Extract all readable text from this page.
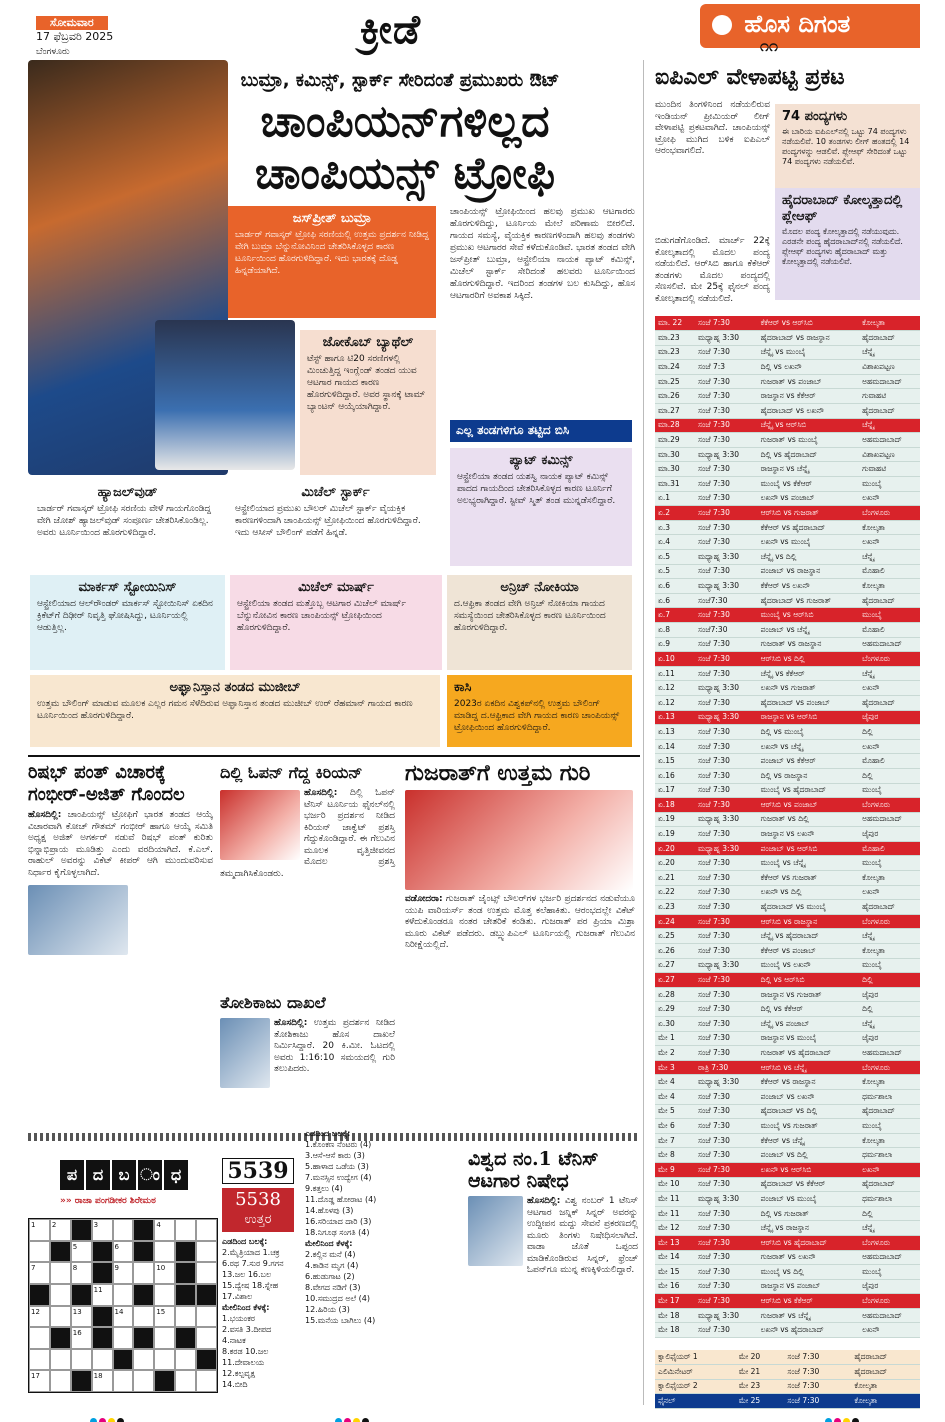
ಸೋಮವಾರ
17 ಫೆಬ್ರವರಿ 2025
ಬೆಂಗಳೂರು	ಕ್ರೀಡೆ	ಹೊಸ ದಿಗಂತ
೧೧
ಬುಮ್ರಾ, ಕಮಿನ್ಸ್, ಸ್ಟಾರ್ಕ್ ಸೇರಿದಂತೆ ಪ್ರಮುಖರು ಔಟ್
ಚಾಂಪಿಯನ್‌ಗಳಿಲ್ಲದ
ಚಾಂಪಿಯನ್ಸ್ ಟ್ರೋಫಿ
ಜಸ್‌ಪ್ರೀತ್ ಬುಮ್ರಾ

ಬಾರ್ಡರ್ ಗವಾಸ್ಕರ್ ಟ್ರೋಫಿ ಸರಣಿಯಲ್ಲಿ ಉತ್ತಮ ಪ್ರದರ್ಶನ ನೀಡಿದ್ದ ವೇಗಿ ಬುಮ್ರಾ ಬೆನ್ನುನೋವಿನಿಂದ ಚೇತರಿಸಿಕೊಳ್ಳದ ಕಾರಣ ಟೂರ್ನಿಯಿಂದ ಹೊರಗುಳಿದಿದ್ದಾರೆ. ಇದು ಭಾರತಕ್ಕೆ ದೊಡ್ಡ ಹಿನ್ನಡೆಯಾಗಿದೆ.

ಜೋಕೊಬ್ ಬ್ಯಾಥೆಲ್

ಟೆಸ್ಟ್ ಹಾಗೂ ಟಿ20 ಸರಣಿಗಳಲ್ಲಿ ಮಿಂಚುತ್ತಿದ್ದ ಇಂಗ್ಲೆಂಡ್ ತಂಡದ ಯುವ ಆಟಗಾರ ಗಾಯದ ಕಾರಣ ಹೊರಗುಳಿದಿದ್ದಾರೆ. ಅವರ ಸ್ಥಾನಕ್ಕೆ ಟಾಮ್ ಬ್ಯಾಂಟನ್ ಆಯ್ಕೆಯಾಗಿದ್ದಾರೆ.

ಚಾಂಪಿಯನ್ಸ್ ಟ್ರೋಫಿಯಿಂದ ಹಲವು ಪ್ರಮುಖ ಆಟಗಾರರು ಹೊರಗುಳಿದಿದ್ದು, ಟೂರ್ನಿಯ ಮೇಲೆ ಪರಿಣಾಮ ಬೀರಲಿದೆ. ಗಾಯದ ಸಮಸ್ಯೆ, ವೈಯಕ್ತಿಕ ಕಾರಣಗಳಿಂದಾಗಿ ಹಲವು ತಂಡಗಳು ಪ್ರಮುಖ ಆಟಗಾರರ ಸೇವೆ ಕಳೆದುಕೊಂಡಿವೆ. ಭಾರತ ತಂಡದ ವೇಗಿ ಜಸ್‌ಪ್ರೀತ್ ಬುಮ್ರಾ, ಆಸ್ಟ್ರೇಲಿಯಾ ನಾಯಕ ಪ್ಯಾಟ್ ಕಮಿನ್ಸ್, ಮಿಚೆಲ್ ಸ್ಟಾರ್ಕ್ ಸೇರಿದಂತೆ ಹಲವರು ಟೂರ್ನಿಯಿಂದ ಹೊರಗುಳಿದಿದ್ದಾರೆ. ಇದರಿಂದ ತಂಡಗಳ ಬಲ ಕುಸಿದಿದ್ದು, ಹೊಸ ಆಟಗಾರರಿಗೆ ಅವಕಾಶ ಸಿಕ್ಕಿದೆ.
ಎಲ್ಲ ತಂಡಗಳಿಗೂ ತಟ್ಟಿದ ಬಿಸಿ
ಪ್ಯಾಟ್ ಕಮಿನ್ಸ್

ಆಸ್ಟ್ರೇಲಿಯಾ ತಂಡದ ಯಶಸ್ವಿ ನಾಯಕ ಪ್ಯಾಟ್ ಕಮಿನ್ಸ್ ಪಾದದ ಗಾಯದಿಂದ ಚೇತರಿಸಿಕೊಳ್ಳದ ಕಾರಣ ಟೂರ್ನಿಗೆ ಅಲಭ್ಯರಾಗಿದ್ದಾರೆ. ಸ್ಟೀವ್ ಸ್ಮಿತ್ ತಂಡ ಮುನ್ನಡೆಸಲಿದ್ದಾರೆ.

ಹ್ಯಾಜಲ್‌ವುಡ್

ಬಾರ್ಡರ್ ಗವಾಸ್ಕರ್ ಟ್ರೋಫಿ ಸರಣಿಯ ವೇಳೆ ಗಾಯಗೊಂಡಿದ್ದ ವೇಗಿ ಜೋಶ್ ಹ್ಯಾಜಲ್‌ವುಡ್ ಸಂಪೂರ್ಣ ಚೇತರಿಸಿಕೊಂಡಿಲ್ಲ. ಅವರು ಟೂರ್ನಿಯಿಂದ ಹೊರಗುಳಿದಿದ್ದಾರೆ.

ಮಿಚೆಲ್ ಸ್ಟಾರ್ಕ್

ಆಸ್ಟ್ರೇಲಿಯಾದ ಪ್ರಮುಖ ಬೌಲರ್ ಮಿಚೆಲ್ ಸ್ಟಾರ್ಕ್ ವೈಯಕ್ತಿಕ ಕಾರಣಗಳಿಂದಾಗಿ ಚಾಂಪಿಯನ್ಸ್ ಟ್ರೋಫಿಯಿಂದ ಹೊರಗುಳಿದಿದ್ದಾರೆ. ಇದು ಆಸೀಸ್ ಬೌಲಿಂಗ್ ಪಡೆಗೆ ಹಿನ್ನಡೆ.

ಮಾರ್ಕಸ್ ಸ್ಟೋಯಿನಿಸ್

ಆಸ್ಟ್ರೇಲಿಯಾದ ಆಲ್‌ರೌಂಡರ್ ಮಾರ್ಕಸ್ ಸ್ಟೋಯಿನಿಸ್ ಏಕದಿನ ಕ್ರಿಕೆಟ್‌ಗೆ ದಿಢೀರ್ ನಿವೃತ್ತಿ ಘೋಷಿಸಿದ್ದು, ಟೂರ್ನಿಯಲ್ಲಿ ಆಡುತ್ತಿಲ್ಲ.

ಮಿಚೆಲ್ ಮಾರ್ಷ್

ಆಸ್ಟ್ರೇಲಿಯಾ ತಂಡದ ಮತ್ತೊಬ್ಬ ಆಟಗಾರ ಮಿಚೆಲ್ ಮಾರ್ಷ್ ಬೆನ್ನುನೋವಿನ ಕಾರಣ ಚಾಂಪಿಯನ್ಸ್ ಟ್ರೋಫಿಯಿಂದ ಹೊರಗುಳಿದಿದ್ದಾರೆ.

ಅನ್ರಿಚ್ ನೋಕಿಯಾ

ದ.ಆಫ್ರಿಕಾ ತಂಡದ ವೇಗಿ ಅನ್ರಿಚ್ ನೋಕಿಯಾ ಗಾಯದ ಸಮಸ್ಯೆಯಿಂದ ಚೇತರಿಸಿಕೊಳ್ಳದ ಕಾರಣ ಟೂರ್ನಿಯಿಂದ ಹೊರಗುಳಿದಿದ್ದಾರೆ.

ಅಫ್ಘಾನಿಸ್ತಾನ ತಂಡದ ಮುಜೀಬ್

ಉತ್ತಮ ಬೌಲಿಂಗ್ ಮಾಡುವ ಮೂಲಕ ಎಲ್ಲರ ಗಮನ ಸೆಳೆದಿರುವ ಅಫ್ಘಾನಿಸ್ತಾನ ತಂಡದ ಮುಜೀಬ್ ಉರ್ ರೆಹಮಾನ್ ಗಾಯದ ಕಾರಣ ಟೂರ್ನಿಯಿಂದ ಹೊರಗುಳಿದಿದ್ದಾರೆ.

ಕಾಸಿ

2023ರ ಏಕದಿನ ವಿಶ್ವಕಪ್‌ನಲ್ಲಿ ಉತ್ತಮ ಬೌಲಿಂಗ್ ಮಾಡಿದ್ದ ದ.ಆಫ್ರಿಕಾದ ವೇಗಿ ಗಾಯದ ಕಾರಣ ಚಾಂಪಿಯನ್ಸ್ ಟ್ರೋಫಿಯಿಂದ ಹೊರಗುಳಿದಿದ್ದಾರೆ.

ರಿಷಭ್ ಪಂತ್ ವಿಚಾರಕ್ಕೆ ಗಂಭೀರ್-ಅಜಿತ್ ಗೊಂದಲ
ಹೊಸದಿಲ್ಲಿ: ಚಾಂಪಿಯನ್ಸ್ ಟ್ರೋಫಿಗೆ ಭಾರತ ತಂಡದ ಆಯ್ಕೆ ವಿಚಾರವಾಗಿ ಕೋಚ್ ಗೌತಮ್ ಗಂಭೀರ್ ಹಾಗೂ ಆಯ್ಕೆ ಸಮಿತಿ ಅಧ್ಯಕ್ಷ ಅಜಿತ್ ಅಗರ್ಕರ್ ನಡುವೆ ರಿಷಭ್ ಪಂತ್ ಕುರಿತು ಭಿನ್ನಾಭಿಪ್ರಾಯ ಮೂಡಿತ್ತು ಎಂದು ವರದಿಯಾಗಿದೆ. ಕೆ.ಎಲ್. ರಾಹುಲ್ ಅವರನ್ನು ವಿಕೆಟ್ ಕೀಪರ್ ಆಗಿ ಮುಂದುವರಿಸುವ ನಿರ್ಧಾರ ಕೈಗೊಳ್ಳಲಾಗಿದೆ.
ದಿಲ್ಲಿ ಓಪನ್ ಗೆದ್ದ ಕಿರಿಯನ್
ಹೊಸದಿಲ್ಲಿ: ದಿಲ್ಲಿ ಓಪನ್ ಟೆನಿಸ್ ಟೂರ್ನಿಯ ಫೈನಲ್‌ನಲ್ಲಿ ಭರ್ಜರಿ ಪ್ರದರ್ಶನ ನೀಡಿದ ಕಿರಿಯನ್ ಜಾಕ್ವೆಟ್ ಪ್ರಶಸ್ತಿ ಗೆದ್ದುಕೊಂಡಿದ್ದಾರೆ. ಈ ಗೆಲುವಿನ ಮೂಲಕ ವೃತ್ತಿಜೀವನದ ಮೊದಲ ಪ್ರಶಸ್ತಿ ತಮ್ಮದಾಗಿಸಿಕೊಂಡರು.
ಗುಜರಾತ್‌ಗೆ ಉತ್ತಮ ಗುರಿ
ವಡೋದರಾ: ಗುಜರಾತ್ ಜೈಂಟ್ಸ್ ಬೌಲರ್‌ಗಳ ಭರ್ಜರಿ ಪ್ರದರ್ಶನದ ನಡುವೆಯೂ ಯುಪಿ ವಾರಿಯರ್ಸ್ ತಂಡ ಉತ್ತಮ ಮೊತ್ತ ಕಲೆಹಾಕಿತು. ಆರಂಭದಲ್ಲೇ ವಿಕೆಟ್ ಕಳೆದುಕೊಂಡರೂ ನಂತರ ಚೇತರಿಕೆ ಕಂಡಿತು. ಗುಜರಾತ್ ಪರ ಪ್ರಿಯಾ ಮಿಶ್ರಾ ಮೂರು ವಿಕೆಟ್ ಪಡೆದರು. ಡಬ್ಲ್ಯುಪಿಎಲ್ ಟೂರ್ನಿಯಲ್ಲಿ ಗುಜರಾತ್ ಗೆಲುವಿನ ನಿರೀಕ್ಷೆಯಲ್ಲಿದೆ.
ತೋಶಿಕಾಜು ದಾಖಲೆ
ಹೊಸದಿಲ್ಲಿ: ಉತ್ತಮ ಪ್ರದರ್ಶನ ನೀಡಿದ ತೋಶಿಕಾಜು ಹೊಸ ದಾಖಲೆ ನಿರ್ಮಿಸಿದ್ದಾರೆ. 20 ಕಿ.ಮೀ. ಓಟದಲ್ಲಿ ಅವರು 1:16:10 ಸಮಯದಲ್ಲಿ ಗುರಿ ತಲುಪಿದರು.
ಪ ದ ಬ ಂ ಧ
»» ರಾಜಾ ಪಂಗಡೀಕರ ಶಿರೇಮಠ
1	2	3	4
5	6
7	8	9	10
11
12	13	14	15
16
17	18
5539
5538
ಉತ್ತರ
ಎಡದಿಂದ ಬಲಕ್ಕೆ:
2.ಮೈತ್ರಿಯಾದ 1.ಚಕ್ರ
6.ರಥ 7.ಸುರ 9.ಗಗನ
13.ಜಲ 16.ಬಲ
15.ದ್ವೇಷ 18.ಸ್ನೇಹ
17.ವಿಶಾಲ
ಮೇಲಿನಿಂದ ಕೆಳಕ್ಕೆ:
1.ಭಯಂಕರ
2.ವಸತಿ 3.ದೀಪದ
4.ನಾಟಕ
8.ಕರಡ 10.ಜಲ
11.ದೇವಾಲಯ
12.ಕಲ್ಪವೃಕ್ಷ
14.ಬೀದಿ
ಎಡದಿಂದ ಬಲಕ್ಕೆ:
1.ಕೊಂಕಣ ನೆಂಟರು (4)
3.ಆಸೆ-ಆಸೆ ಕಾರು (3)
5.ಹಾಳಾದ ಒಡೆಯ (3)
7.ಮನಸ್ಸಿನ ಉದ್ವೇಗ (4)
9.ಕತ್ತಲು (4)
11.ದೊಡ್ಡ ಹೋರಾಟ (4)
14.ಹೊಳಪು (3)
16.ಸರಿಯಾದ ದಾರಿ (3)
18.ನಿಗೂಢ ಸಂಗತಿ (4)
ಮೇಲಿನಿಂದ ಕೆಳಕ್ಕೆ:
2.ಕಲ್ಲಿನ ಮನೆ (4)
4.ಕಾಡಿನ ಮೃಗ (4)
6.ಹುಡುಗಾಟ (2)
8.ವೇಗದ ನಡಿಗೆ (3)
10.ಸಮುದ್ರದ ಅಲೆ (4)
12.ಹಿರಿಯ (3)
15.ಮನೆಯ ಬಾಗಿಲು (4)
ವಿಶ್ವದ ನಂ.1 ಟೆನಿಸ್ ಆಟಗಾರ ನಿಷೇಧ
ಹೊಸದಿಲ್ಲಿ: ವಿಶ್ವ ನಂಬರ್ 1 ಟೆನಿಸ್ ಆಟಗಾರ ಜನ್ನಿಕ್ ಸಿನ್ನರ್ ಅವರನ್ನು ಉದ್ದೀಪನ ಮದ್ದು ಸೇವನೆ ಪ್ರಕರಣದಲ್ಲಿ ಮೂರು ತಿಂಗಳು ನಿಷೇಧಿಸಲಾಗಿದೆ. ವಾಡಾ ಜೊತೆ ಒಪ್ಪಂದ ಮಾಡಿಕೊಂಡಿರುವ ಸಿನ್ನರ್, ಫ್ರೆಂಚ್ ಓಪನ್‌ಗೂ ಮುನ್ನ ಕಣಕ್ಕಿಳಿಯಲಿದ್ದಾರೆ.
ಐಪಿಎಲ್ ವೇಳಾಪಟ್ಟಿ ಪ್ರಕಟ
ಮುಂದಿನ ತಿಂಗಳಿನಿಂದ ನಡೆಯಲಿರುವ ಇಂಡಿಯನ್ ಪ್ರೀಮಿಯರ್ ಲೀಗ್ ವೇಳಾಪಟ್ಟಿ ಪ್ರಕಟವಾಗಿದೆ. ಚಾಂಪಿಯನ್ಸ್ ಟ್ರೋಫಿ ಮುಗಿದ ಬಳಿಕ ಐಪಿಎಲ್ ಆರಂಭವಾಗಲಿದೆ.
74 ಪಂದ್ಯಗಳು

ಈ ಬಾರಿಯ ಐಪಿಎಲ್‌ನಲ್ಲಿ ಒಟ್ಟು 74 ಪಂದ್ಯಗಳು ನಡೆಯಲಿವೆ. 10 ತಂಡಗಳು ಲೀಗ್ ಹಂತದಲ್ಲಿ 14 ಪಂದ್ಯಗಳನ್ನು ಆಡಲಿವೆ. ಪ್ಲೇಆಫ್ ಸೇರಿದಂತೆ ಒಟ್ಟು 74 ಪಂದ್ಯಗಳು ನಡೆಯಲಿವೆ.

ಹೈದರಾಬಾದ್ ಕೋಲ್ಕತ್ತಾದಲ್ಲಿ ಪ್ಲೇಆಫ್

ಮೊದಲ ಪಂದ್ಯ ಕೋಲ್ಕತ್ತಾದಲ್ಲಿ ನಡೆಯುವುದು. ಎರಡನೇ ಪಂದ್ಯ ಹೈದರಾಬಾದ್‌ನಲ್ಲಿ ನಡೆಯಲಿದೆ. ಪ್ಲೇಆಫ್ ಪಂದ್ಯಗಳು ಹೈದರಾಬಾದ್ ಮತ್ತು ಕೋಲ್ಕತ್ತಾದಲ್ಲಿ ನಡೆಯಲಿವೆ.

ಬಿಡುಗಡೆಗೊಂಡಿದೆ. ಮಾರ್ಚ್ 22ಕ್ಕೆ ಕೋಲ್ಕತಾದಲ್ಲಿ ಮೊದಲ ಪಂದ್ಯ ನಡೆಯಲಿದೆ. ಆರ್‌ಸಿಬಿ ಹಾಗೂ ಕೆಕೆಆರ್ ತಂಡಗಳು ಮೊದಲ ಪಂದ್ಯದಲ್ಲಿ ಸೆಣಸಲಿವೆ. ಮೇ 25ಕ್ಕೆ ಫೈನಲ್ ಪಂದ್ಯ ಕೋಲ್ಕತಾದಲ್ಲಿ ನಡೆಯಲಿದೆ.
ಮಾ. 22	ಸಂಜೆ 7:30	ಕೆಕೆಆರ್ vs ಆರ್‌ಸಿಬಿ	ಕೋಲ್ಕತಾ
ಮಾ.23	ಮಧ್ಯಾಹ್ನ 3:30	ಹೈದರಾಬಾದ್ vs ರಾಜಸ್ಥಾನ	ಹೈದರಾಬಾದ್
ಮಾ.23	ಸಂಜೆ 7:30	ಚೆನ್ನೈ vs ಮುಂಬೈ	ಚೆನ್ನೈ
ಮಾ.24	ಸಂಜೆ 7:3	ದಿಲ್ಲಿ vs ಲಖನೌ	ವಿಶಾಖಪಟ್ಟಣ
ಮಾ.25	ಸಂಜೆ 7:30	ಗುಜರಾತ್ vs ಪಂಜಾಬ್	ಅಹಮದಾಬಾದ್
ಮಾ.26	ಸಂಜೆ 7:30	ರಾಜಸ್ಥಾನ vs ಕೆಕೆಆರ್	ಗುವಾಹಟಿ
ಮಾ.27	ಸಂಜೆ 7:30	ಹೈದರಾಬಾದ್ vs ಲಖನೌ	ಹೈದರಾಬಾದ್
ಮಾ.28	ಸಂಜೆ 7:30	ಚೆನ್ನೈ vs ಆರ್‌ಸಿಬಿ	ಚೆನ್ನೈ
ಮಾ.29	ಸಂಜೆ 7:30	ಗುಜರಾತ್ vs ಮುಂಬೈ	ಅಹಮದಾಬಾದ್
ಮಾ.30	ಮಧ್ಯಾಹ್ನ 3:30	ದಿಲ್ಲಿ vs ಹೈದರಾಬಾದ್	ವಿಶಾಖಪಟ್ಟಣ
ಮಾ.30	ಸಂಜೆ 7:30	ರಾಜಸ್ಥಾನ vs ಚೆನ್ನೈ	ಗುವಾಹಟಿ
ಮಾ.31	ಸಂಜೆ 7:30	ಮುಂಬೈ vs ಕೆಕೆಆರ್	ಮುಂಬೈ
ಏ.1	ಸಂಜೆ 7:30	ಲಖನೌ vs ಪಂಜಾಬ್	ಲಖನೌ
ಏ.2	ಸಂಜೆ 7:30	ಆರ್‌ಸಿಬಿ vs ಗುಜರಾತ್	ಬೆಂಗಳೂರು
ಏ.3	ಸಂಜೆ 7:30	ಕೆಕೆಆರ್ vs ಹೈದರಾಬಾದ್	ಕೋಲ್ಕತಾ
ಏ.4	ಸಂಜೆ 7:30	ಲಖನೌ vs ಮುಂಬೈ	ಲಖನೌ
ಏ.5	ಮಧ್ಯಾಹ್ನ 3:30	ಚೆನ್ನೈ vs ದಿಲ್ಲಿ	ಚೆನ್ನೈ
ಏ.5	ಸಂಜೆ 7:30	ಪಂಜಾಬ್ vs ರಾಜಸ್ಥಾನ	ಮೊಹಾಲಿ
ಏ.6	ಮಧ್ಯಾಹ್ನ 3:30	ಕೆಕೆಆರ್ vs ಲಖನೌ	ಕೋಲ್ಕತಾ
ಏ.6	ಸಂಜೆ7:30	ಹೈದರಾಬಾದ್ vs ಗುಜರಾತ್	ಹೈದರಾಬಾದ್
ಏ.7	ಸಂಜೆ 7:30	ಮುಂಬೈ vs ಆರ್‌ಸಿಬಿ	ಮುಂಬೈ
ಏ.8	ಸಂಜೆ7:30	ಪಂಜಾಬ್ vs ಚೆನ್ನೈ	ಮೊಹಾಲಿ
ಏ.9	ಸಂಜೆ 7:30	ಗುಜರಾತ್ vs ರಾಜಸ್ಥಾನ	ಅಹಮದಾಬಾದ್
ಏ.10	ಸಂಜೆ 7:30	ಆರ್‌ಸಿಬಿ vs ದಿಲ್ಲಿ	ಬೆಂಗಳೂರು
ಏ.11	ಸಂಜೆ 7:30	ಚೆನ್ನೈ vs ಕೆಕೆಆರ್	ಚೆನ್ನೈ
ಏ.12	ಮಧ್ಯಾಹ್ನ 3:30	ಲಖನೌ vs ಗುಜರಾತ್	ಲಖನೌ
ಏ.12	ಸಂಜೆ 7:30	ಹೈದರಾಬಾದ್ vs ಪಂಜಾಬ್	ಹೈದರಾಬಾದ್
ಏ.13	ಮಧ್ಯಾಹ್ನ 3:30	ರಾಜಸ್ಥಾನ vs ಆರ್‌ಸಿಬಿ	ಜೈಪುರ
ಏ.13	ಸಂಜೆ 7:30	ದಿಲ್ಲಿ vs ಮುಂಬೈ	ದಿಲ್ಲಿ
ಏ.14	ಸಂಜೆ 7:30	ಲಖನೌ vs ಚೆನ್ನೈ	ಲಖನೌ
ಏ.15	ಸಂಜೆ 7:30	ಪಂಜಾಬ್ vs ಕೆಕೆಆರ್	ಮೊಹಾಲಿ
ಏ.16	ಸಂಜೆ 7:30	ದಿಲ್ಲಿ vs ರಾಜಸ್ಥಾನ	ದಿಲ್ಲಿ
ಏ.17	ಸಂಜೆ 7:30	ಮುಂಬೈ vs ಹೈದರಾಬಾದ್	ಮುಂಬೈ
ಏ.18	ಸಂಜೆ 7:30	ಆರ್‌ಸಿಬಿ vs ಪಂಜಾಬ್	ಬೆಂಗಳೂರು
ಏ.19	ಮಧ್ಯಾಹ್ನ 3:30	ಗುಜರಾತ್ vs ದಿಲ್ಲಿ	ಅಹಮದಾಬಾದ್
ಏ.19	ಸಂಜೆ 7:30	ರಾಜಸ್ಥಾನ vs ಲಖನೌ	ಜೈಪುರ
ಏ.20	ಮಧ್ಯಾಹ್ನ 3:30	ಪಂಜಾಬ್ vs ಆರ್‌ಸಿಬಿ	ಮೊಹಾಲಿ
ಏ.20	ಸಂಜೆ 7:30	ಮುಂಬೈ vs ಚೆನ್ನೈ	ಮುಂಬೈ
ಏ.21	ಸಂಜೆ 7:30	ಕೆಕೆಆರ್ vs ಗುಜರಾತ್	ಕೋಲ್ಕತಾ
ಏ.22	ಸಂಜೆ 7:30	ಲಖನೌ vs ದಿಲ್ಲಿ	ಲಖನೌ
ಏ.23	ಸಂಜೆ 7:30	ಹೈದರಾಬಾದ್ vs ಮುಂಬೈ	ಹೈದರಾಬಾದ್
ಏ.24	ಸಂಜೆ 7:30	ಆರ್‌ಸಿಬಿ vs ರಾಜಸ್ಥಾನ	ಬೆಂಗಳೂರು
ಏ.25	ಸಂಜೆ 7:30	ಚೆನ್ನೈ vs ಹೈದರಾಬಾದ್	ಚೆನ್ನೈ
ಏ.26	ಸಂಜೆ 7:30	ಕೆಕೆಆರ್ vs ಪಂಜಾಬ್	ಕೋಲ್ಕತಾ
ಏ.27	ಮಧ್ಯಾಹ್ನ 3:30	ಮುಂಬೈ vs ಲಖನೌ	ಮುಂಬೈ
ಏ.27	ಸಂಜೆ 7:30	ದಿಲ್ಲಿ vs ಆರ್‌ಸಿಬಿ	ದಿಲ್ಲಿ
ಏ.28	ಸಂಜೆ 7:30	ರಾಜಸ್ಥಾನ vs ಗುಜರಾತ್	ಜೈಪುರ
ಏ.29	ಸಂಜೆ 7:30	ದಿಲ್ಲಿ vs ಕೆಕೆಆರ್	ದಿಲ್ಲಿ
ಏ.30	ಸಂಜೆ 7:30	ಚೆನ್ನೈ vs ಪಂಜಾಬ್	ಚೆನ್ನೈ
ಮೇ 1	ಸಂಜೆ 7:30	ರಾಜಸ್ಥಾನ vs ಮುಂಬೈ	ಜೈಪುರ
ಮೇ 2	ಸಂಜೆ 7:30	ಗುಜರಾತ್ vs ಹೈದರಾಬಾದ್	ಅಹಮದಾಬಾದ್
ಮೇ 3	ರಾತ್ರಿ 7:30	ಆರ್‌ಸಿಬಿ vs ಚೆನ್ನೈ	ಬೆಂಗಳೂರು
ಮೇ 4	ಮಧ್ಯಾಹ್ನ 3:30	ಕೆಕೆಆರ್ vs ರಾಜಸ್ಥಾನ	ಕೋಲ್ಕತಾ
ಮೇ 4	ಸಂಜೆ 7:30	ಪಂಜಾಬ್ vs ಲಖನೌ	ಧರ್ಮಶಾಲಾ
ಮೇ 5	ಸಂಜೆ 7:30	ಹೈದರಾಬಾದ್ vs ದಿಲ್ಲಿ	ಹೈದರಾಬಾದ್
ಮೇ 6	ಸಂಜೆ 7:30	ಮುಂಬೈ vs ಗುಜರಾತ್	ಮುಂಬೈ
ಮೇ 7	ಸಂಜೆ 7:30	ಕೆಕೆಆರ್ vs ಚೆನ್ನೈ	ಕೋಲ್ಕತಾ
ಮೇ 8	ಸಂಜೆ 7:30	ಪಂಜಾಬ್ vs ದಿಲ್ಲಿ	ಧರ್ಮಶಾಲಾ
ಮೇ 9	ಸಂಜೆ 7:30	ಲಖನೌ vs ಆರ್‌ಸಿಬಿ	ಲಖನೌ
ಮೇ 10	ಸಂಜೆ 7:30	ಹೈದರಾಬಾದ್ vs ಕೆಕೆಆರ್	ಹೈದರಾಬಾದ್
ಮೇ 11	ಮಧ್ಯಾಹ್ನ 3:30	ಪಂಜಾಬ್ vs ಮುಂಬೈ	ಧರ್ಮಶಾಲಾ
ಮೇ 11	ಸಂಜೆ 7:30	ದಿಲ್ಲಿ vs ಗುಜರಾತ್	ದಿಲ್ಲಿ
ಮೇ 12	ಸಂಜೆ 7:30	ಚೆನ್ನೈ vs ರಾಜಸ್ಥಾನ	ಚೆನ್ನೈ
ಮೇ 13	ಸಂಜೆ 7:30	ಆರ್‌ಸಿಬಿ vs ಹೈದರಾಬಾದ್	ಬೆಂಗಳೂರು
ಮೇ 14	ಸಂಜೆ 7:30	ಗುಜರಾತ್ vs ಲಖನೌ	ಅಹಮದಾಬಾದ್
ಮೇ 15	ಸಂಜೆ 7:30	ಮುಂಬೈ vs ದಿಲ್ಲಿ	ಮುಂಬೈ
ಮೇ 16	ಸಂಜೆ 7:30	ರಾಜಸ್ಥಾನ vs ಪಂಜಾಬ್	ಜೈಪುರ
ಮೇ 17	ಸಂಜೆ 7:30	ಆರ್‌ಸಿಬಿ vs ಕೆಕೆಆರ್	ಬೆಂಗಳೂರು
ಮೇ 18	ಮಧ್ಯಾಹ್ನ 3:30	ಗುಜರಾತ್ vs ಚೆನ್ನೈ	ಅಹಮದಾಬಾದ್
ಮೇ 18	ಸಂಜೆ 7:30	ಲಖನೌ vs ಹೈದರಾಬಾದ್	ಲಖನೌ
ಕ್ವಾಲಿಫೈಯರ್ 1	ಮೇ 20	ಸಂಜೆ 7:30	ಹೈದರಾಬಾದ್
ಎಲಿಮಿನೇಟರ್	ಮೇ 21	ಸಂಜೆ 7:30	ಹೈದರಾಬಾದ್
ಕ್ವಾಲಿಫೈಯರ್ 2	ಮೇ 23	ಸಂಜೆ 7:30	ಕೋಲ್ಕತಾ
ಫೈನಲ್	ಮೇ 25	ಸಂಜೆ 7:30	ಕೋಲ್ಕತಾ
